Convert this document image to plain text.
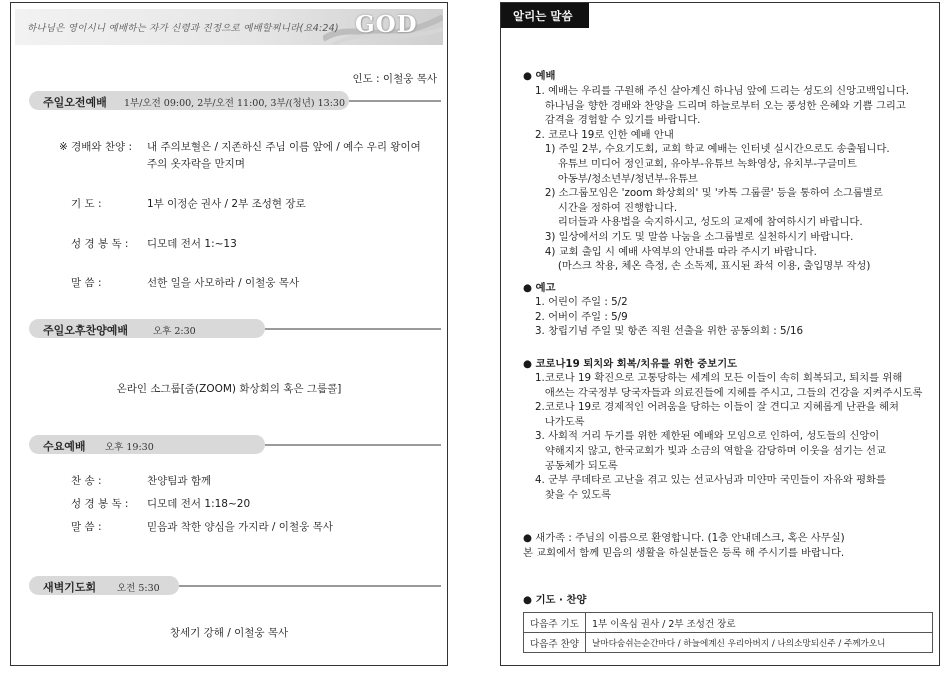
하나님은 영이시니 예배하는 자가 신령과 진정으로 예배할찌니라(요4:24) GOD
인도 : 이철웅 목사
주일오전예배 1부/오전 09:00, 2부/오전 11:00, 3부/(청년) 13:30
※ 경배와 찬양 : 내 주의보혈은 / 지존하신 주님 이름 앞에 / 예수 우리 왕이여
주의 옷자락을 만지며
기 도 :	1부 이정순 권사 / 2부 조성현 장로
성 경 봉 독 : 디모데 전서 1:~13
말 씀 :	선한 일을 사모하라 / 이철웅 목사
주일오후찬양예배	오후 2:30
온라인 소그룹[줌(ZOOM) 화상회의 혹은 그룹콜]
수요예배 오후 19:30
찬 송 :	찬양팀과 함께
성 경 봉 독 : 디모데 전서 1:18~20
말 씀 :	믿음과 착한 양심을 가지라 / 이철웅 목사
새벽기도회 오전 5:30
창세기 강해 / 이철웅 목사
알리는 말씀
● 예배
1. 예배는 우리를 구원해 주신 살아계신 하나님 앞에 드리는 성도의 신앙고백입니다.
하나님을 향한 경배와 찬양을 드리며 하늘로부터 오는 풍성한 은혜와 기쁨 그리고
감격을 경험할 수 있기를 바랍니다.
2. 코로나 19로 인한 예배 안내
1) 주일 2부, 수요기도회, 교회 학교 예배는 인터넷 실시간으로도 송출됩니다.
유튜브 미디어 정인교회, 유아부-유튜브 녹화영상, 유치부-구글미트
아동부/청소년부/청년부-유튜브
2) 소그룹모임은 'zoom 화상회의' 및 '카톡 그룹콜' 등을 통하여 소그룹별로
시간을 정하여 진행합니다.
리더들과 사용법을 숙지하시고, 성도의 교제에 참여하시기 바랍니다.
3) 일상에서의 기도 및 말씀 나눔을 소그룹별로 실천하시기 바랍니다.
4) 교회 출입 시 예배 사역부의 안내를 따라 주시기 바랍니다.
(마스크 착용, 체온 측정, 손 소독제, 표시된 좌석 이용, 출입명부 작성)
● 예고
1. 어린이 주일 : 5/2
2. 어버이 주일 : 5/9
3. 창립기념 주일 및 항존 직원 선출을 위한 공동의회 : 5/16
● 코로나19 퇴치와 회복/치유를 위한 중보기도
1.코로나 19 확진으로 고통당하는 세계의 모든 이들이 속히 회복되고, 퇴치를 위해
애쓰는 각국정부 당국자들과 의료진들에 지혜를 주시고, 그들의 건강을 지켜주시도록
2.코로나 19로 경제적인 어려움을 당하는 이들이 잘 견디고 지혜롭게 난관을 헤쳐
나가도록
3. 사회적 거리 두기를 위한 제한된 예배와 모임으로 인하여, 성도들의 신앙이
약해지지 않고, 한국교회가 빛과 소금의 역할을 감당하며 이웃을 섬기는 선교
공동체가 되도록
4. 군부 쿠데타로 고난을 겪고 있는 선교사님과 미얀마 국민들이 자유와 평화를
찾을 수 있도록
● 새가족 : 주님의 이름으로 환영합니다. (1층 안내데스크, 혹은 사무실)
본 교회에서 함께 믿음의 생활을 하실분들은 등록 해 주시기를 바랍니다.
● 기도 · 찬양
다음주 기도	1부 이옥심 권사 / 2부 조성건 장로
다음주 찬양	날마다숨쉬는순간마다 / 하늘에계신 우리아버지 / 나의소망되신주 / 주께가오니
